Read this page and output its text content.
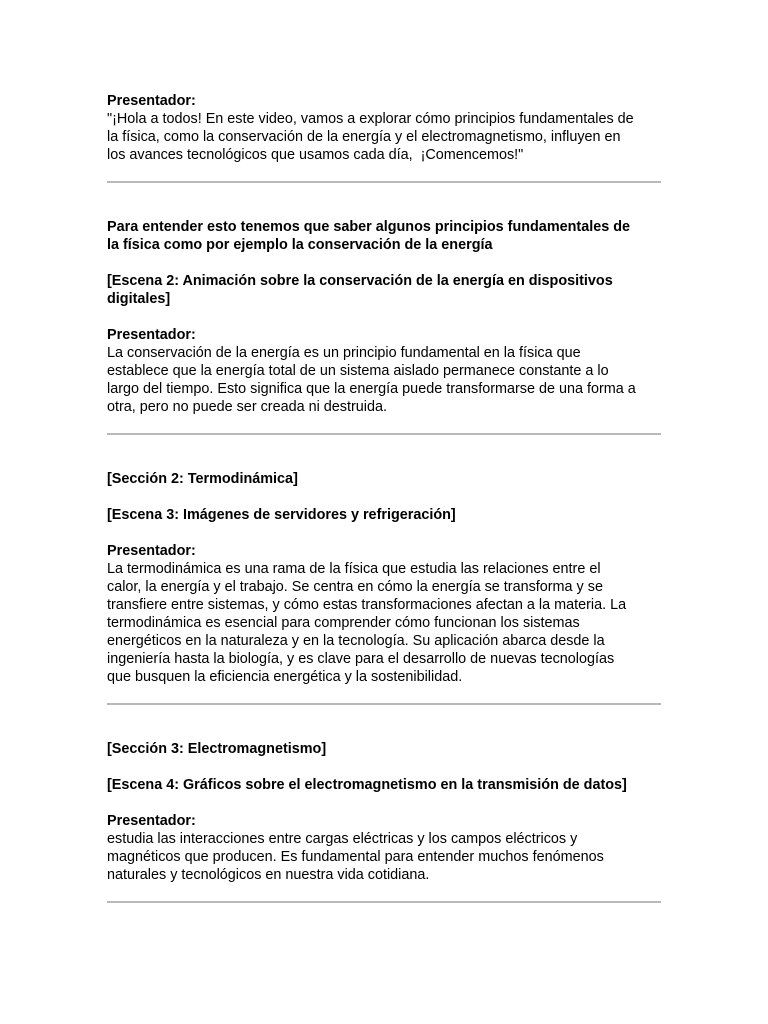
Presentador:

"¡Hola a todos! En este video, vamos a explorar cómo principios fundamentales de

la física, como la conservación de la energía y el electromagnetismo, influyen en

los avances tecnológicos que usamos cada día,  ¡Comencemos!"

Para entender esto tenemos que saber algunos principios fundamentales de

la física como por ejemplo la conservación de la energía

[Escena 2: Animación sobre la conservación de la energía en dispositivos

digitales]

Presentador:

La conservación de la energía es un principio fundamental en la física que

establece que la energía total de un sistema aislado permanece constante a lo

largo del tiempo. Esto significa que la energía puede transformarse de una forma a

otra, pero no puede ser creada ni destruida.

[Sección 2: Termodinámica]

[Escena 3: Imágenes de servidores y refrigeración]

Presentador:

La termodinámica es una rama de la física que estudia las relaciones entre el

calor, la energía y el trabajo. Se centra en cómo la energía se transforma y se

transfiere entre sistemas, y cómo estas transformaciones afectan a la materia. La

termodinámica es esencial para comprender cómo funcionan los sistemas

energéticos en la naturaleza y en la tecnología. Su aplicación abarca desde la

ingeniería hasta la biología, y es clave para el desarrollo de nuevas tecnologías

que busquen la eficiencia energética y la sostenibilidad.

[Sección 3: Electromagnetismo]

[Escena 4: Gráficos sobre el electromagnetismo en la transmisión de datos]

Presentador:

estudia las interacciones entre cargas eléctricas y los campos eléctricos y

magnéticos que producen. Es fundamental para entender muchos fenómenos

naturales y tecnológicos en nuestra vida cotidiana.
